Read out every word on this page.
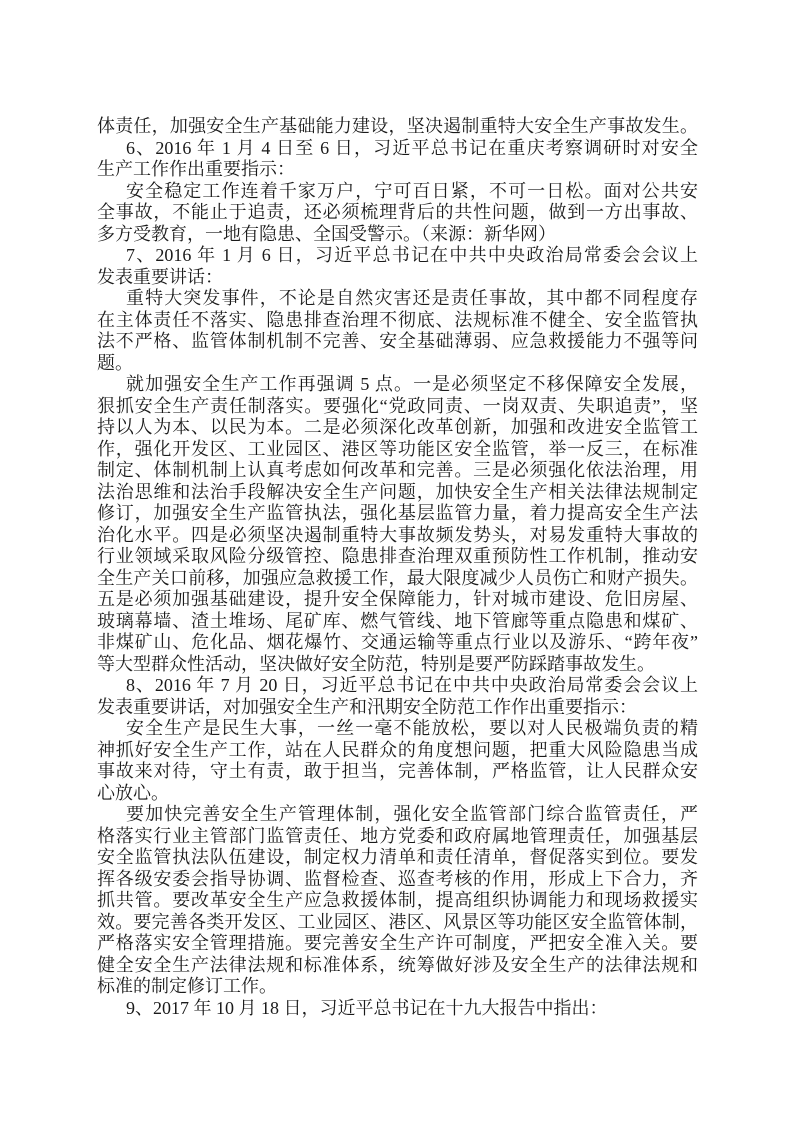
体责任，加强安全生产基础能力建设，坚决遏制重特大安全生产事故发生。
6、2016 年 1 月 4 日至 6 日，习近平总书记在重庆考察调研时对安全
生产工作作出重要指示：
安全稳定工作连着千家万户，宁可百日紧，不可一日松。面对公共安
全事故，不能止于追责，还必须梳理背后的共性问题，做到一方出事故、
多方受教育，一地有隐患、全国受警示。（来源：新华网）
7、2016 年 1 月 6 日，习近平总书记在中共中央政治局常委会会议上
发表重要讲话：
重特大突发事件，不论是自然灾害还是责任事故，其中都不同程度存
在主体责任不落实、隐患排查治理不彻底、法规标准不健全、安全监管执
法不严格、监管体制机制不完善、安全基础薄弱、应急救援能力不强等问
题。
就加强安全生产工作再强调 5 点。一是必须坚定不移保障安全发展，
狠抓安全生产责任制落实。要强化“党政同责、一岗双责、失职追责”，坚
持以人为本、以民为本。二是必须深化改革创新，加强和改进安全监管工
作，强化开发区、工业园区、港区等功能区安全监管，举一反三，在标准
制定、体制机制上认真考虑如何改革和完善。三是必须强化依法治理，用
法治思维和法治手段解决安全生产问题，加快安全生产相关法律法规制定
修订，加强安全生产监管执法，强化基层监管力量，着力提高安全生产法
治化水平。四是必须坚决遏制重特大事故频发势头，对易发重特大事故的
行业领域采取风险分级管控、隐患排查治理双重预防性工作机制，推动安
全生产关口前移，加强应急救援工作，最大限度减少人员伤亡和财产损失。
五是必须加强基础建设，提升安全保障能力，针对城市建设、危旧房屋、
玻璃幕墙、渣土堆场、尾矿库、燃气管线、地下管廊等重点隐患和煤矿、
非煤矿山、危化品、烟花爆竹、交通运输等重点行业以及游乐、“跨年夜”
等大型群众性活动，坚决做好安全防范，特别是要严防踩踏事故发生。
8、2016 年 7 月 20 日，习近平总书记在中共中央政治局常委会会议上
发表重要讲话，对加强安全生产和汛期安全防范工作作出重要指示：
安全生产是民生大事，一丝一毫不能放松，要以对人民极端负责的精
神抓好安全生产工作，站在人民群众的角度想问题，把重大风险隐患当成
事故来对待，守土有责，敢于担当，完善体制，严格监管，让人民群众安
心放心。
要加快完善安全生产管理体制，强化安全监管部门综合监管责任，严
格落实行业主管部门监管责任、地方党委和政府属地管理责任，加强基层
安全监管执法队伍建设，制定权力清单和责任清单，督促落实到位。要发
挥各级安委会指导协调、监督检查、巡查考核的作用，形成上下合力，齐
抓共管。要改革安全生产应急救援体制，提高组织协调能力和现场救援实
效。要完善各类开发区、工业园区、港区、风景区等功能区安全监管体制，
严格落实安全管理措施。要完善安全生产许可制度，严把安全准入关。要
健全安全生产法律法规和标准体系，统筹做好涉及安全生产的法律法规和
标准的制定修订工作。
9、2017 年 10 月 18 日，习近平总书记在十九大报告中指出：
